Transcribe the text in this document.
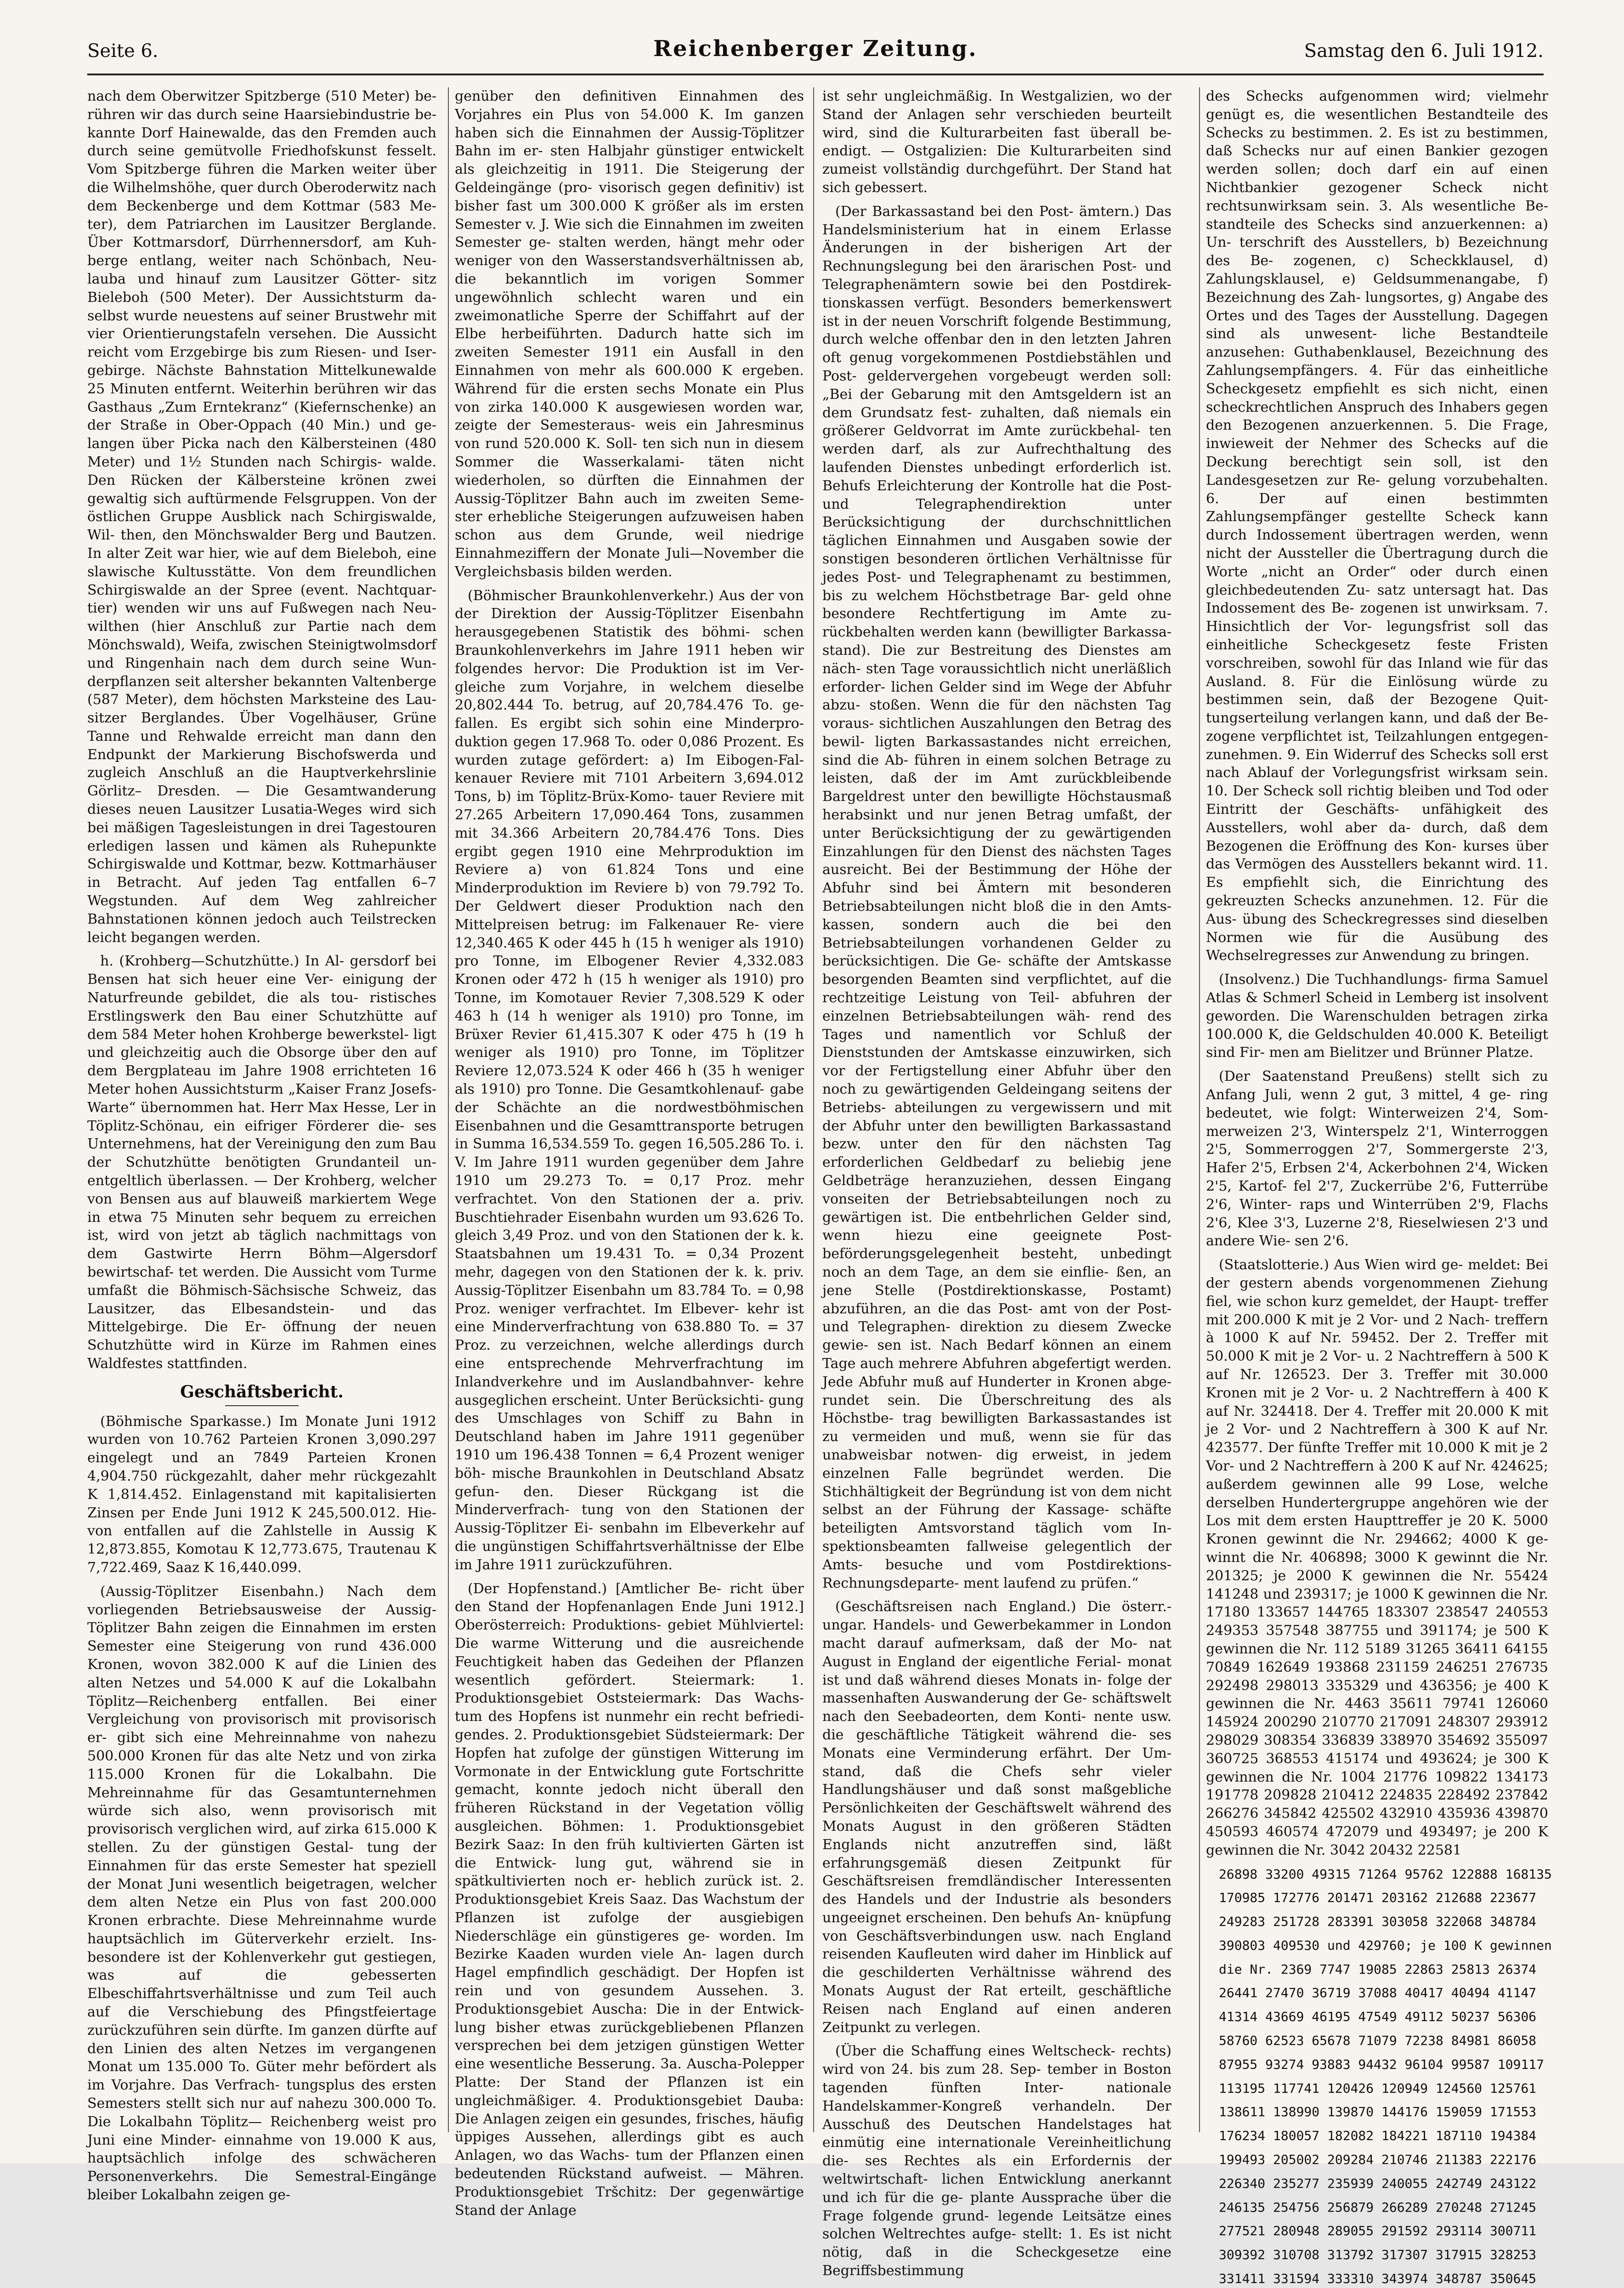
Seite 6.	Reichenberger Zeitung.	Samstag den 6. Juli 1912.

nach dem Oberwitzer Spitzberge (510 Meter) be- rühren wir das durch seine Haarsiebindustrie be- kannte Dorf Hainewalde, das den Fremden auch durch seine gemütvolle Friedhofskunst fesselt. Vom Spitzberge führen die Marken weiter über die Wilhelmshöhe, quer durch Oberoderwitz nach dem Beckenberge und dem Kottmar (583 Me- ter), dem Patriarchen im Lausitzer Berglande. Über Kottmarsdorf, Dürrhennersdorf, am Kuh- berge entlang, weiter nach Schönbach, Neu- lauba und hinauf zum Lausitzer Götter- sitz Bieleboh (500 Meter). Der Aussichtsturm da- selbst wurde neuestens auf seiner Brustwehr mit vier Orientierungstafeln versehen. Die Aussicht reicht vom Erzgebirge bis zum Riesen- und Iser- gebirge. Nächste Bahnstation Mittelkunewalde 25 Minuten entfernt. Weiterhin berühren wir das Gasthaus „Zum Erntekranz“ (Kiefernschenke) an der Straße in Ober-Oppach (40 Min.) und ge- langen über Picka nach den Kälbersteinen (480 Meter) und 1½ Stunden nach Schirgis- walde. Den Rücken der Kälbersteine krönen zwei gewaltig sich auftürmende Felsgruppen. Von der östlichen Gruppe Ausblick nach Schirgiswalde, Wil- then, den Mönchswalder Berg und Bautzen. In alter Zeit war hier, wie auf dem Bieleboh, eine slawische Kultusstätte. Von dem freundlichen Schirgiswalde an der Spree (event. Nachtquar- tier) wenden wir uns auf Fußwegen nach Neu- wilthen (hier Anschluß zur Partie nach dem Mönchswald), Weifa, zwischen Steinigtwolmsdorf und Ringenhain nach dem durch seine Wun- derpflanzen seit altersher bekannten Valtenberge (587 Meter), dem höchsten Marksteine des Lau- sitzer Berglandes. Über Vogelhäuser, Grüne Tanne und Rehwalde erreicht man dann den Endpunkt der Markierung Bischofswerda und zugleich Anschluß an die Hauptverkehrslinie Görlitz– Dresden. — Die Gesamtwanderung dieses neuen Lausitzer Lusatia-Weges wird sich bei mäßigen Tagesleistungen in drei Tagestouren erledigen lassen und kämen als Ruhepunkte Schirgiswalde und Kottmar, bezw. Kottmarhäuser in Betracht. Auf jeden Tag entfallen 6–7 Wegstunden. Auf dem Weg zahlreicher Bahnstationen können jedoch auch Teilstrecken leicht begangen werden.

h. (Krohberg—Schutzhütte.) In Al- gersdorf bei Bensen hat sich heuer eine Ver- einigung der Naturfreunde gebildet, die als tou- ristisches Erstlingswerk den Bau einer Schutzhütte auf dem 584 Meter hohen Krohberge bewerkstel- ligt und gleichzeitig auch die Obsorge über den auf dem Bergplateau im Jahre 1908 errichteten 16 Meter hohen Aussichtsturm „Kaiser Franz Josefs-Warte“ übernommen hat. Herr Max Hesse, Ler in Töplitz-Schönau, ein eifriger Förderer die- ses Unternehmens, hat der Vereinigung den zum Bau der Schutzhütte benötigten Grundanteil un- entgeltlich überlassen. — Der Krohberg, welcher von Bensen aus auf blauweiß markiertem Wege in etwa 75 Minuten sehr bequem zu erreichen ist, wird von jetzt ab täglich nachmittags von dem Gastwirte Herrn Böhm—Algersdorf bewirtschaf- tet werden. Die Aussicht vom Turme umfaßt die Böhmisch-Sächsische Schweiz, das Lausitzer, das Elbesandstein- und das Mittelgebirge. Die Er- öffnung der neuen Schutzhütte wird in Kürze im Rahmen eines Waldfestes stattfinden.

Geschäftsbericht.

(Böhmische Sparkasse.) Im Monate Juni 1912 wurden von 10.762 Parteien Kronen 3,090.297 eingelegt und an 7849 Parteien Kronen 4,904.750 rückgezahlt, daher mehr rückgezahlt K 1,814.452. Einlagenstand mit kapitalisierten Zinsen per Ende Juni 1912 K 245,500.012. Hie- von entfallen auf die Zahlstelle in Aussig K 12,873.855, Komotau K 12,773.675, Trautenau K 7,722.469, Saaz K 16,440.099.

(Aussig-Töplitzer Eisenbahn.) Nach dem vorliegenden Betriebsausweise der Aussig- Töplitzer Bahn zeigen die Einnahmen im ersten Semester eine Steigerung von rund 436.000 Kronen, wovon 382.000 K auf die Linien des alten Netzes und 54.000 K auf die Lokalbahn Töplitz—Reichenberg entfallen. Bei einer Vergleichung von provisorisch mit provisorisch er- gibt sich eine Mehreinnahme von nahezu 500.000 Kronen für das alte Netz und von zirka 115.000 Kronen für die Lokalbahn. Die Mehreinnahme für das Gesamtunternehmen würde sich also, wenn provisorisch mit provisorisch verglichen wird, auf zirka 615.000 K stellen. Zu der günstigen Gestal- tung der Einnahmen für das erste Semester hat speziell der Monat Juni wesentlich beigetragen, welcher dem alten Netze ein Plus von fast 200.000 Kronen erbrachte. Diese Mehreinnahme wurde hauptsächlich im Güterverkehr erzielt. Ins- besondere ist der Kohlenverkehr gut gestiegen, was auf die gebesserten Elbeschiffahrtsverhältnisse und zum Teil auch auf die Verschiebung des Pfingstfeiertage zurückzuführen sein dürfte. Im ganzen dürfte auf den Linien des alten Netzes im vergangenen Monat um 135.000 To. Güter mehr befördert als im Vorjahre. Das Verfrach- tungsplus des ersten Semesters stellt sich nur auf nahezu 300.000 To. Die Lokalbahn Töplitz— Reichenberg weist pro Juni eine Minder- einnahme von 19.000 K aus, hauptsächlich infolge des schwächeren Personenverkehrs. Die Semestral-Eingänge bleiber Lokalbahn zeigen ge-

genüber den definitiven Einnahmen des Vorjahres ein Plus von 54.000 K. Im ganzen haben sich die Einnahmen der Aussig-Töplitzer Bahn im er- sten Halbjahr günstiger entwickelt als gleichzeitig in 1911. Die Steigerung der Geldeingänge (pro- visorisch gegen definitiv) ist bisher fast um 300.000 K größer als im ersten Semester v. J. Wie sich die Einnahmen im zweiten Semester ge- stalten werden, hängt mehr oder weniger von den Wasserstandsverhältnissen ab, die bekanntlich im vorigen Sommer ungewöhnlich schlecht waren und ein zweimonatliche Sperre der Schiffahrt auf der Elbe herbeiführten. Dadurch hatte sich im zweiten Semester 1911 ein Ausfall in den Einnahmen von mehr als 600.000 K ergeben. Während für die ersten sechs Monate ein Plus von zirka 140.000 K ausgewiesen worden war, zeigte der Semesteraus- weis ein Jahresminus von rund 520.000 K. Soll- ten sich nun in diesem Sommer die Wasserkalami- täten nicht wiederholen, so dürften die Einnahmen der Aussig-Töplitzer Bahn auch im zweiten Seme- ster erhebliche Steigerungen aufzuweisen haben schon aus dem Grunde, weil niedrige Einnahmeziffern der Monate Juli—November die Vergleichsbasis bilden werden.

(Böhmischer Braunkohlenverkehr.) Aus der von der Direktion der Aussig-Töplitzer Eisenbahn herausgegebenen Statistik des böhmi- schen Braunkohlenverkehrs im Jahre 1911 heben wir folgendes hervor: Die Produktion ist im Ver- gleiche zum Vorjahre, in welchem dieselbe 20,802.444 To. betrug, auf 20,784.476 To. ge- fallen. Es ergibt sich sohin eine Minderpro- duktion gegen 17.968 To. oder 0,086 Prozent. Es wurden zutage gefördert: a) Im Eibogen-Fal- kenauer Reviere mit 7101 Arbeitern 3,694.012 Tons, b) im Töplitz-Brüx-Komo- tauer Reviere mit 27.265 Arbeitern 17,090.464 Tons, zusammen mit 34.366 Arbeitern 20,784.476 Tons. Dies ergibt gegen 1910 eine Mehrproduktion im Reviere a) von 61.824 Tons und eine Minderproduktion im Reviere b) von 79.792 To. Der Geldwert dieser Produktion nach den Mittelpreisen betrug: im Falkenauer Re- viere 12,340.465 K oder 445 h (15 h weniger als 1910) pro Tonne, im Elbogener Revier 4,332.083 Kronen oder 472 h (15 h weniger als 1910) pro Tonne, im Komotauer Revier 7,308.529 K oder 463 h (14 h weniger als 1910) pro Tonne, im Brüxer Revier 61,415.307 K oder 475 h (19 h weniger als 1910) pro Tonne, im Töplitzer Reviere 12,073.524 K oder 466 h (35 h weniger als 1910) pro Tonne. Die Gesamtkohlenauf- gabe der Schächte an die nordwestböhmischen Eisenbahnen und die Gesamttransporte betrugen in Summa 16,534.559 To. gegen 16,505.286 To. i. V. Im Jahre 1911 wurden gegenüber dem Jahre 1910 um 29.273 To. = 0,17 Proz. mehr verfrachtet. Von den Stationen der a. priv. Buschtiehrader Eisenbahn wurden um 93.626 To. gleich 3,49 Proz. und von den Stationen der k. k. Staatsbahnen um 19.431 To. = 0,34 Prozent mehr, dagegen von den Stationen der k. k. priv. Aussig-Töplitzer Eisenbahn um 83.784 To. = 0,98 Proz. weniger verfrachtet. Im Elbever- kehr ist eine Minderverfrachtung von 638.880 To. = 37 Proz. zu verzeichnen, welche allerdings durch eine entsprechende Mehrverfrachtung im Inlandverkehre und im Auslandbahnver- kehre ausgeglichen erscheint. Unter Berücksichti- gung des Umschlages von Schiff zu Bahn in Deutschland haben im Jahre 1911 gegenüber 1910 um 196.438 Tonnen = 6,4 Prozent weniger böh- mische Braunkohlen in Deutschland Absatz gefun- den. Dieser Rückgang ist die Minderverfrach- tung von den Stationen der Aussig-Töplitzer Ei- senbahn im Elbeverkehr auf die ungünstigen Schiffahrtsverhältnisse der Elbe im Jahre 1911 zurückzuführen.

(Der Hopfenstand.) [Amtlicher Be- richt über den Stand der Hopfenanlagen Ende Juni 1912.] Oberösterreich: Produktions- gebiet Mühlviertel: Die warme Witterung und die ausreichende Feuchtigkeit haben das Gedeihen der Pflanzen wesentlich gefördert. Steiermark: 1. Produktionsgebiet Oststeiermark: Das Wachs- tum des Hopfens ist nunmehr ein recht befriedi- gendes. 2. Produktionsgebiet Südsteiermark: Der Hopfen hat zufolge der günstigen Witterung im Vormonate in der Entwicklung gute Fortschritte gemacht, konnte jedoch nicht überall den früheren Rückstand in der Vegetation völlig ausgleichen. Böhmen: 1. Produktionsgebiet Bezirk Saaz: In den früh kultivierten Gärten ist die Entwick- lung gut, während sie in spätkultivierten noch er- heblich zurück ist. 2. Produktionsgebiet Kreis Saaz. Das Wachstum der Pflanzen ist zufolge der ausgiebigen Niederschläge ein günstigeres ge- worden. Im Bezirke Kaaden wurden viele An- lagen durch Hagel empfindlich geschädigt. Der Hopfen ist rein und von gesundem Aussehen. 3. Produktionsgebiet Auscha: Die in der Entwick- lung bisher etwas zurückgebliebenen Pflanzen versprechen bei dem jetzigen günstigen Wetter eine wesentliche Besserung. 3a. Auscha-Polepper Platte: Der Stand der Pflanzen ist ein ungleichmäßiger. 4. Produktionsgebiet Dauba: Die Anlagen zeigen ein gesundes, frisches, häufig üppiges Aussehen, allerdings gibt es auch Anlagen, wo das Wachs- tum der Pflanzen einen bedeutenden Rückstand aufweist. — Mähren. Produktionsgebiet Tršchitz: Der gegenwärtige Stand der Anlage

ist sehr ungleichmäßig. In Westgalizien, wo der Stand der Anlagen sehr verschieden beurteilt wird, sind die Kulturarbeiten fast überall be- endigt. — Ostgalizien: Die Kulturarbeiten sind zumeist vollständig durchgeführt. Der Stand hat sich gebessert.

(Der Barkassastand bei den Post- ämtern.) Das Handelsministerium hat in einem Erlasse Änderungen in der bisherigen Art der Rechnungslegung bei den ärarischen Post- und Telegraphenämtern sowie bei den Postdirek- tionskassen verfügt. Besonders bemerkenswert ist in der neuen Vorschrift folgende Bestimmung, durch welche offenbar den in den letzten Jahren oft genug vorgekommenen Postdiebstählen und Post- geldervergehen vorgebeugt werden soll: „Bei der Gebarung mit den Amtsgeldern ist an dem Grundsatz fest- zuhalten, daß niemals ein größerer Geldvorrat im Amte zurückbehal- ten werden darf, als zur Aufrechthaltung des laufenden Dienstes unbedingt erforderlich ist. Behufs Erleichterung der Kontrolle hat die Post- und Telegraphendirektion unter Berücksichtigung der durchschnittlichen täglichen Einnahmen und Ausgaben sowie der sonstigen besonderen örtlichen Verhältnisse für jedes Post- und Telegraphenamt zu bestimmen, bis zu welchem Höchstbetrage Bar- geld ohne besondere Rechtfertigung im Amte zu- rückbehalten werden kann (bewilligter Barkassa- stand). Die zur Bestreitung des Dienstes am näch- sten Tage voraussichtlich nicht unerläßlich erforder- lichen Gelder sind im Wege der Abfuhr abzu- stoßen. Wenn die für den nächsten Tag voraus- sichtlichen Auszahlungen den Betrag des bewil- ligten Barkassastandes nicht erreichen, sind die Ab- führen in einem solchen Betrage zu leisten, daß der im Amt zurückbleibende Bargeldrest unter den bewilligte Höchstausmaß herabsinkt und nur jenen Betrag umfaßt, der unter Berücksichtigung der zu gewärtigenden Einzahlungen für den Dienst des nächsten Tages ausreicht. Bei der Bestimmung der Höhe der Abfuhr sind bei Ämtern mit besonderen Betriebsabteilungen nicht bloß die in den Amts- kassen, sondern auch die bei den Betriebsabteilungen vorhandenen Gelder zu berücksichtigen. Die Ge- schäfte der Amtskasse besorgenden Beamten sind verpflichtet, auf die rechtzeitige Leistung von Teil- abfuhren der einzelnen Betriebsabteilungen wäh- rend des Tages und namentlich vor Schluß der Dienststunden der Amtskasse einzuwirken, sich vor der Fertigstellung einer Abfuhr über den noch zu gewärtigenden Geldeingang seitens der Betriebs- abteilungen zu vergewissern und mit der Abfuhr unter den bewilligten Barkassastand bezw. unter den für den nächsten Tag erforderlichen Geldbedarf zu beliebig jene Geldbeträge heranzuziehen, dessen Eingang vonseiten der Betriebsabteilungen noch zu gewärtigen ist. Die entbehrlichen Gelder sind, wenn hiezu eine geeignete Post- beförderungsgelegenheit besteht, unbedingt noch an dem Tage, an dem sie einflie- ßen, an jene Stelle (Postdirektionskasse, Postamt) abzuführen, an die das Post- amt von der Post- und Telegraphen- direktion zu diesem Zwecke gewie- sen ist. Nach Bedarf können an einem Tage auch mehrere Abfuhren abgefertigt werden. Jede Abfuhr muß auf Hunderter in Kronen abge- rundet sein. Die Überschreitung des als Höchstbe- trag bewilligten Barkassastandes ist zu vermeiden und muß, wenn sie für das unabweisbar notwen- dig erweist, in jedem einzelnen Falle begründet werden. Die Stichhältigkeit der Begründung ist von dem nicht selbst an der Führung der Kassage- schäfte beteiligten Amtsvorstand täglich vom In- spektionsbeamten fallweise gelegentlich der Amts- besuche und vom Postdirektions-Rechnungsdeparte- ment laufend zu prüfen.“

(Geschäftsreisen nach England.) Die österr.-ungar. Handels- und Gewerbekammer in London macht darauf aufmerksam, daß der Mo- nat August in England der eigentliche Ferial- monat ist und daß während dieses Monats in- folge der massenhaften Auswanderung der Ge- schäftswelt nach den Seebadeorten, dem Konti- nente usw. die geschäftliche Tätigkeit während die- ses Monats eine Verminderung erfährt. Der Um- stand, daß die Chefs sehr vieler Handlungshäuser und daß sonst maßgebliche Persönlichkeiten der Geschäftswelt während des Monats August in den größeren Städten Englands nicht anzutreffen sind, läßt erfahrungsgemäß diesen Zeitpunkt für Geschäftsreisen fremdländischer Interessenten des Handels und der Industrie als besonders ungeeignet erscheinen. Den behufs An- knüpfung von Geschäftsverbindungen usw. nach England reisenden Kaufleuten wird daher im Hinblick auf die geschilderten Verhältnisse während des Monats August der Rat erteilt, geschäftliche Reisen nach England auf einen anderen Zeitpunkt zu verlegen.

(Über die Schaffung eines Weltscheck- rechts) wird von 24. bis zum 28. Sep- tember in Boston tagenden fünften Inter- nationale Handelskammer-Kongreß verhandeln. Der Ausschuß des Deutschen Handelstages hat einmütig eine internationale Vereinheitlichung die- ses Rechtes als ein Erfordernis der weltwirtschaft- lichen Entwicklung anerkannt und ich für die ge- plante Aussprache über die Frage folgende grund- legende Leitsätze eines solchen Weltrechtes aufge- stellt: 1. Es ist nicht nötig, daß in die Scheckgesetze eine Begriffsbestimmung

des Schecks aufgenommen wird; vielmehr genügt es, die wesentlichen Bestandteile des Schecks zu bestimmen. 2. Es ist zu bestimmen, daß Schecks nur auf einen Bankier gezogen werden sollen; doch darf ein auf einen Nichtbankier gezogener Scheck nicht rechtsunwirksam sein. 3. Als wesentliche Be- standteile des Schecks sind anzuerkennen: a) Un- terschrift des Ausstellers, b) Bezeichnung des Be- zogenen, c) Scheckklausel, d) Zahlungsklausel, e) Geldsummenangabe, f) Bezeichnung des Zah- lungsortes, g) Angabe des Ortes und des Tages der Ausstellung. Dagegen sind als unwesent- liche Bestandteile anzusehen: Guthabenklausel, Bezeichnung des Zahlungsempfängers. 4. Für das einheitliche Scheckgesetz empfiehlt es sich nicht, einen scheckrechtlichen Anspruch des Inhabers gegen den Bezogenen anzuerkennen. 5. Die Frage, inwieweit der Nehmer des Schecks auf die Deckung berechtigt sein soll, ist den Landesgesetzen zur Re- gelung vorzubehalten. 6. Der auf einen bestimmten Zahlungsempfänger gestellte Scheck kann durch Indossement übertragen werden, wenn nicht der Aussteller die Übertragung durch die Worte „nicht an Order“ oder durch einen gleichbedeutenden Zu- satz untersagt hat. Das Indossement des Be- zogenen ist unwirksam. 7. Hinsichtlich der Vor- legungsfrist soll das einheitliche Scheckgesetz feste Fristen vorschreiben, sowohl für das Inland wie für das Ausland. 8. Für die Einlösung würde zu bestimmen sein, daß der Bezogene Quit- tungserteilung verlangen kann, und daß der Be- zogene verpflichtet ist, Teilzahlungen entgegen- zunehmen. 9. Ein Widerruf des Schecks soll erst nach Ablauf der Vorlegungsfrist wirksam sein. 10. Der Scheck soll richtig bleiben und Tod oder Eintritt der Geschäfts- unfähigkeit des Ausstellers, wohl aber da- durch, daß dem Bezogenen die Eröffnung des Kon- kurses über das Vermögen des Ausstellers bekannt wird. 11. Es empfiehlt sich, die Einrichtung des gekreuzten Schecks anzunehmen. 12. Für die Aus- übung des Scheckregresses sind dieselben Normen wie für die Ausübung des Wechselregresses zur Anwendung zu bringen.

(Insolvenz.) Die Tuchhandlungs- firma Samuel Atlas & Schmerl Scheid in Lemberg ist insolvent geworden. Die Warenschulden betragen zirka 100.000 K, die Geldschulden 40.000 K. Beteiligt sind Fir- men am Bielitzer und Brünner Platze.

(Der Saatenstand Preußens) stellt sich zu Anfang Juli, wenn 2 gut, 3 mittel, 4 ge- ring bedeutet, wie folgt: Winterweizen 2'4, Som- merweizen 2'3, Winterspelz 2'1, Winterroggen 2'5, Sommerroggen 2'7, Sommergerste 2'3, Hafer 2'5, Erbsen 2'4, Ackerbohnen 2'4, Wicken 2'5, Kartof- fel 2'7, Zuckerrübe 2'6, Futterrübe 2'6, Winter- raps und Winterrüben 2'9, Flachs 2'6, Klee 3'3, Luzerne 2'8, Rieselwiesen 2'3 und andere Wie- sen 2'6.

(Staatslotterie.) Aus Wien wird ge- meldet: Bei der gestern abends vorgenommenen Ziehung fiel, wie schon kurz gemeldet, der Haupt- treffer mit 200.000 K mit je 2 Vor- und 2 Nach- treffern à 1000 K auf Nr. 59452. Der 2. Treffer mit 50.000 K mit je 2 Vor- u. 2 Nachtreffern à 500 K auf Nr. 126523. Der 3. Treffer mit 30.000 Kronen mit je 2 Vor- u. 2 Nachtreffern à 400 K auf Nr. 324418. Der 4. Treffer mit 20.000 K mit je 2 Vor- und 2 Nachtreffern à 300 K auf Nr. 423577. Der fünfte Treffer mit 10.000 K mit je 2 Vor- und 2 Nachtreffern à 200 K auf Nr. 424625; außerdem gewinnen alle 99 Lose, welche derselben Hundertergruppe angehören wie der Los mit dem ersten Haupttreffer je 20 K. 5000 Kronen gewinnt die Nr. 294662; 4000 K ge- winnt die Nr. 406898; 3000 K gewinnt die Nr. 201325; je 2000 K gewinnen die Nr. 55424 141248 und 239317; je 1000 K gewinnen die Nr. 17180 133657 144765 183307 238547 240553 249353 357548 387755 und 391174; je 500 K gewinnen die Nr. 112 5189 31265 36411 64155 70849 162649 193868 231159 246251 276735 292498 298013 335329 und 436356; je 400 K gewinnen die Nr. 4463 35611 79741 126060 145924 200290 210770 217091 248307 293912 298029 308354 336839 338970 354692 355097 360725 368553 415174 und 493624; je 300 K gewinnen die Nr. 1004 21776 109822 134173 191778 209828 210412 224835 228492 237842 266276 345842 425502 432910 435936 439870 450593 460574 472079 und 493497; je 200 K gewinnen die Nr. 3042 20432 22581

26898 33200 49315 71264 95762 122888 168135

170985 172776 201471 203162 212688 223677

249283 251728 283391 303058 322068 348784

390803 409530 und 429760; je 100 K gewinnen

die Nr. 2369 7747 19085 22863 25813 26374

26441 27470 36719 37088 40417 40494 41147

41314 43669 46195 47549 49112 50237 56306

58760 62523 65678 71079 72238 84981 86058

87955 93274 93883 94432 96104 99587 109117

113195 117741 120426 120949 124560 125761

138611 138990 139870 144176 159059 171553

176234 180057 182082 184221 187110 194384

199493 205002 209284 210746 211383 222176

226340 235277 235939 240055 242749 243122

246135 254756 256879 266289 270248 271245

277521 280948 289055 291592 293114 300711

309392 310708 313792 317307 317915 328253

331411 331594 333310 343974 348787 350645
